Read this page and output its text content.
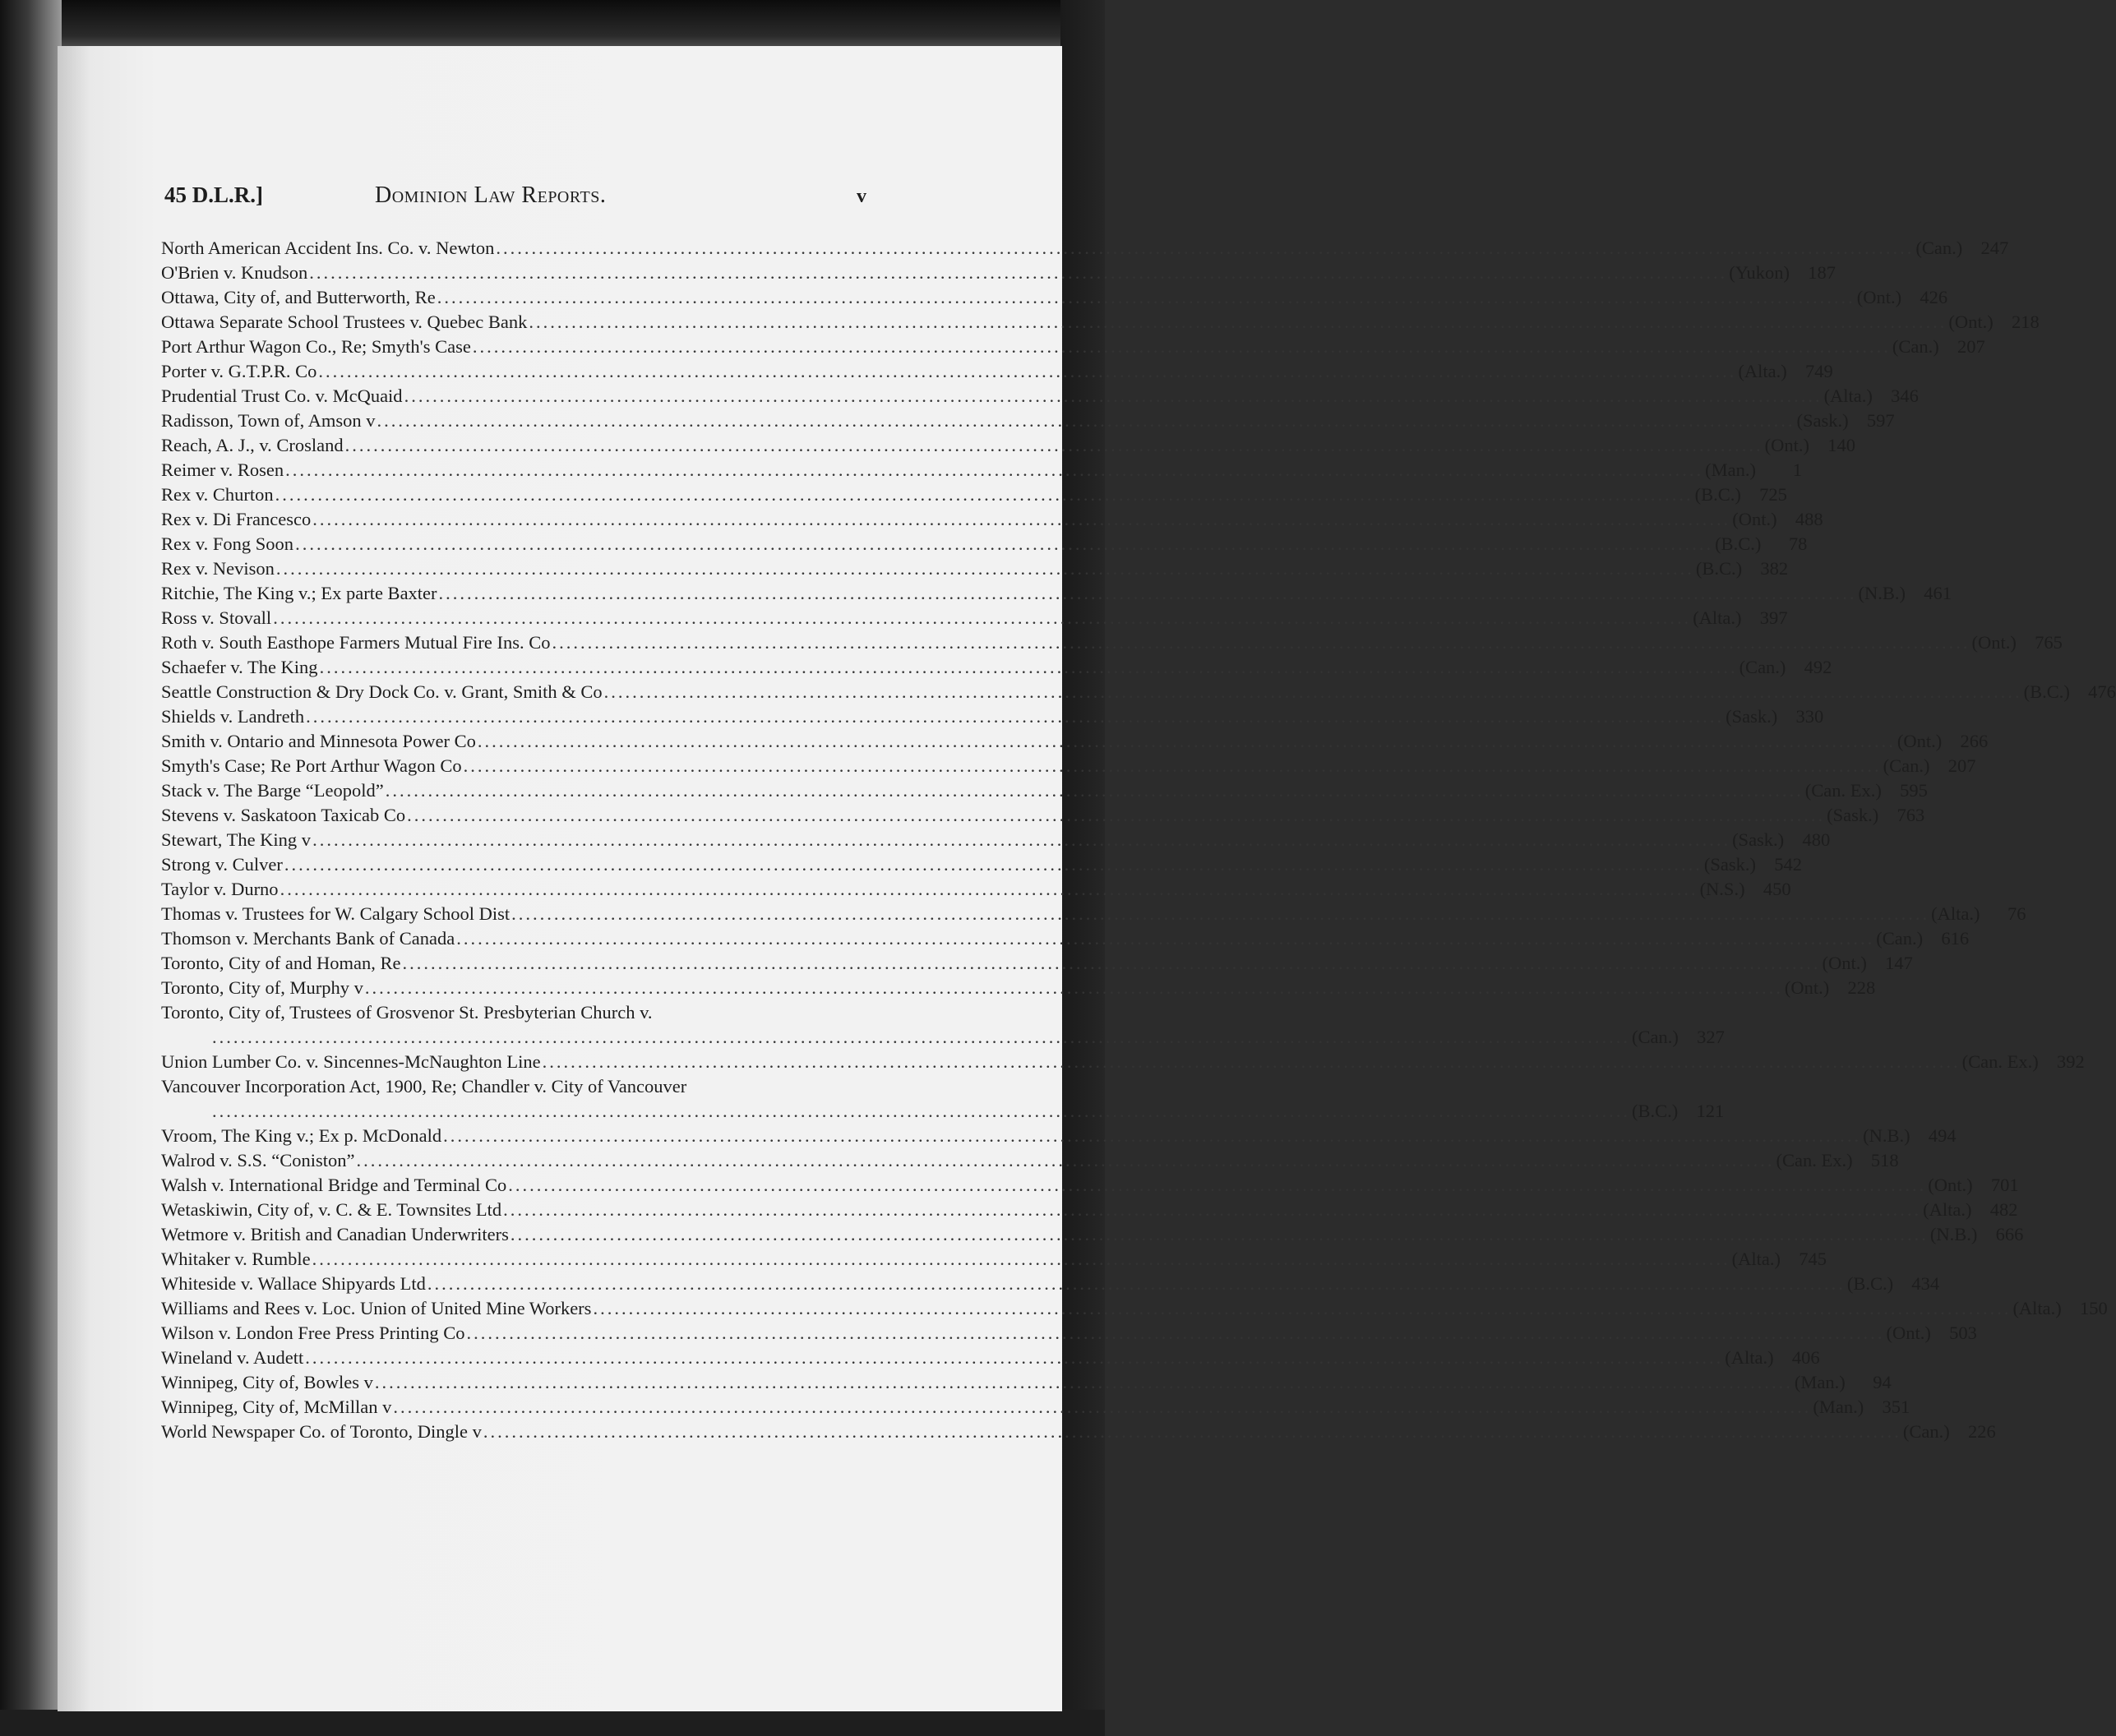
45 D.L.R.]	Dominion Law Reports.	v
North American Accident Ins. Co. v. Newton ........................................................................................................................................................................................................ (Can.) 247
O'Brien v. Knudson ........................................................................................................................................................................................................ (Yukon) 187
Ottawa, City of, and Butterworth, Re ........................................................................................................................................................................................................ (Ont.) 426
Ottawa Separate School Trustees v. Quebec Bank ........................................................................................................................................................................................................ (Ont.) 218
Port Arthur Wagon Co., Re; Smyth's Case ........................................................................................................................................................................................................ (Can.) 207
Porter v. G.T.P.R. Co ........................................................................................................................................................................................................ (Alta.) 749
Prudential Trust Co. v. McQuaid ........................................................................................................................................................................................................ (Alta.) 346
Radisson, Town of, Amson v ........................................................................................................................................................................................................ (Sask.) 597
Reach, A. J., v. Crosland ........................................................................................................................................................................................................ (Ont.) 140
Reimer v. Rosen ........................................................................................................................................................................................................ (Man.)	1
Rex v. Churton ........................................................................................................................................................................................................ (B.C.) 725
Rex v. Di Francesco ........................................................................................................................................................................................................ (Ont.) 488
Rex v. Fong Soon ........................................................................................................................................................................................................ (B.C.)	78
Rex v. Nevison ........................................................................................................................................................................................................ (B.C.) 382
Ritchie, The King v.; Ex parte Baxter ........................................................................................................................................................................................................ (N.B.) 461
Ross v. Stovall ........................................................................................................................................................................................................ (Alta.) 397
Roth v. South Easthope Farmers Mutual Fire Ins. Co ........................................................................................................................................................................................................ (Ont.) 765
Schaefer v. The King ........................................................................................................................................................................................................ (Can.) 492
Seattle Construction & Dry Dock Co. v. Grant, Smith & Co ........................................................................................................................................................................................................ (B.C.) 476
Shields v. Landreth ........................................................................................................................................................................................................ (Sask.) 330
Smith v. Ontario and Minnesota Power Co ........................................................................................................................................................................................................ (Ont.) 266
Smyth's Case; Re Port Arthur Wagon Co ........................................................................................................................................................................................................ (Can.) 207
Stack v. The Barge “Leopold” ........................................................................................................................................................................................................ (Can. Ex.) 595
Stevens v. Saskatoon Taxicab Co ........................................................................................................................................................................................................ (Sask.) 763
Stewart, The King v ........................................................................................................................................................................................................ (Sask.) 480
Strong v. Culver ........................................................................................................................................................................................................ (Sask.) 542
Taylor v. Durno ........................................................................................................................................................................................................ (N.S.) 450
Thomas v. Trustees for W. Calgary School Dist ........................................................................................................................................................................................................ (Alta.)	76
Thomson v. Merchants Bank of Canada ........................................................................................................................................................................................................ (Can.) 616
Toronto, City of and Homan, Re ........................................................................................................................................................................................................ (Ont.) 147
Toronto, City of, Murphy v ........................................................................................................................................................................................................ (Ont.) 228
Toronto, City of, Trustees of Grosvenor St. Presbyterian Church v.
........................................................................................................................................................................................................ (Can.) 327
Union Lumber Co. v. Sincennes-McNaughton Line ........................................................................................................................................................................................................ (Can. Ex.) 392
Vancouver Incorporation Act, 1900, Re; Chandler v. City of Vancouver
........................................................................................................................................................................................................ (B.C.) 121
Vroom, The King v.; Ex p. McDonald ........................................................................................................................................................................................................ (N.B.) 494
Walrod v. S.S. “Coniston” ........................................................................................................................................................................................................ (Can. Ex.) 518
Walsh v. International Bridge and Terminal Co ........................................................................................................................................................................................................ (Ont.) 701
Wetaskiwin, City of, v. C. & E. Townsites Ltd ........................................................................................................................................................................................................ (Alta.) 482
Wetmore v. British and Canadian Underwriters ........................................................................................................................................................................................................ (N.B.) 666
Whitaker v. Rumble ........................................................................................................................................................................................................ (Alta.) 745
Whiteside v. Wallace Shipyards Ltd ........................................................................................................................................................................................................ (B.C.) 434
Williams and Rees v. Loc. Union of United Mine Workers ........................................................................................................................................................................................................ (Alta.) 150
Wilson v. London Free Press Printing Co ........................................................................................................................................................................................................ (Ont.) 503
Wineland v. Audett ........................................................................................................................................................................................................ (Alta.) 406
Winnipeg, City of, Bowles v ........................................................................................................................................................................................................ (Man.)	94
Winnipeg, City of, McMillan v ........................................................................................................................................................................................................ (Man.) 351
World Newspaper Co. of Toronto, Dingle v ........................................................................................................................................................................................................ (Can.) 226
